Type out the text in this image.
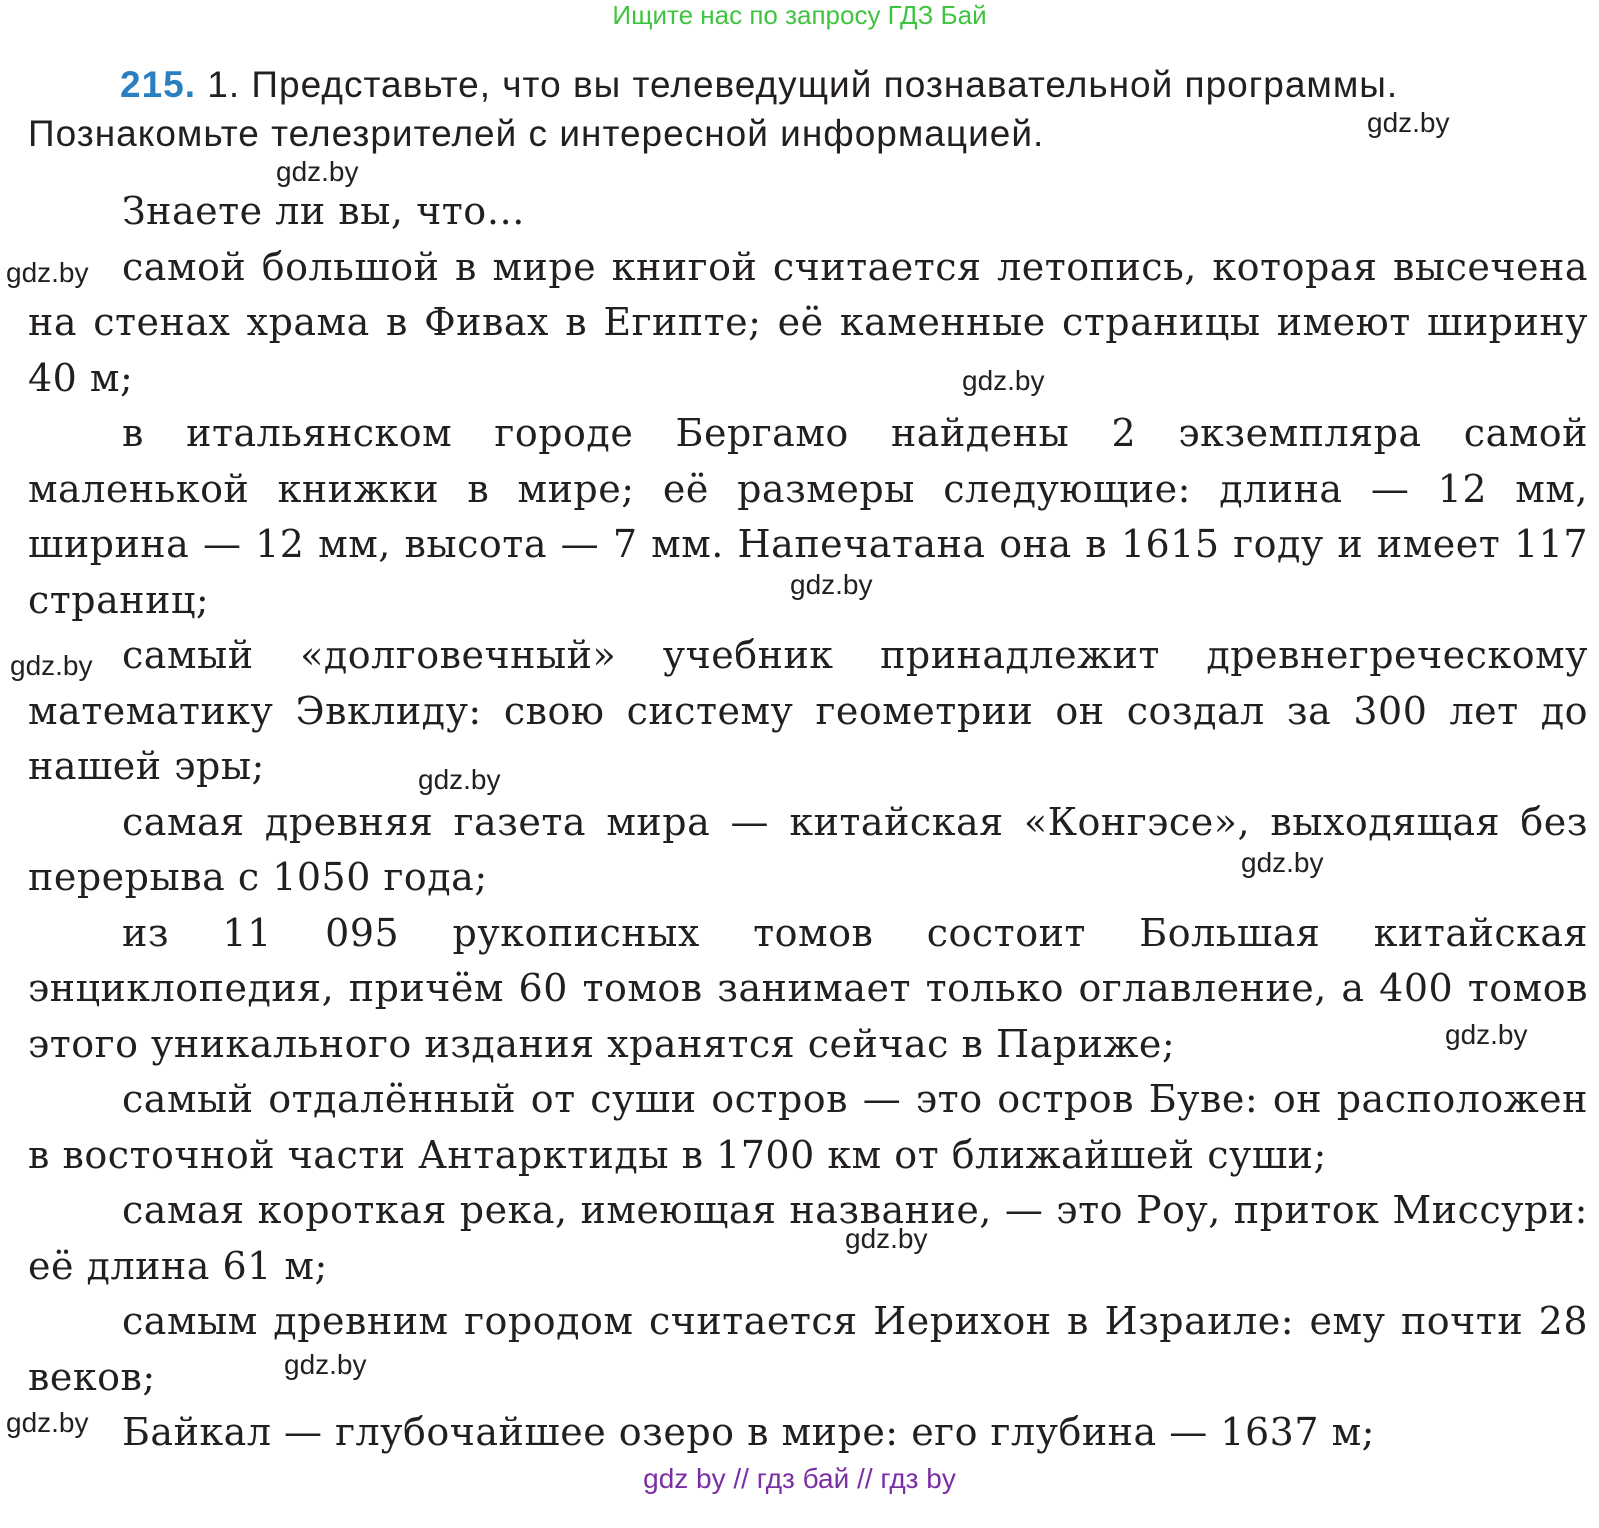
Ищите нас по запросу ГДЗ Бай
215. 1. Представьте, что вы телеведущий познавательной программы. Познакомьте телезрителей с интересной информацией.

Знаете ли вы, что…

самой большой в мире книгой считается летопись, которая высечена на стенах храма в Фивах в Египте; её каменные страницы имеют ширину 40 м;

в итальянском городе Бергамо найдены 2 экземпляра самой маленькой книжки в мире; её размеры следующие: длина — 12 мм, ширина — 12 мм, высота — 7 мм. Напечатана она в 1615 году и имеет 117 страниц;

самый «долговечный» учебник принадлежит древнегреческому математику Эвклиду: свою систему геометрии он создал за 300 лет до нашей эры;

самая древняя газета мира — китайская «Конгэсе», выходящая без перерыва с 1050 года;

из 11 095 рукописных томов состоит Большая китайская энциклопедия, причём 60 томов занимает только оглавление, а 400 томов этого уникального издания хранятся сейчас в Париже;

самый отдалённый от суши остров — это остров Буве: он расположен в восточной части Антарктиды в 1700 км от ближайшей суши;

самая короткая река, имеющая название, — это Роу, приток Миссури: её длина 61 м;

самым древним городом считается Иерихон в Израиле: ему почти 28 веков;

Байкал — глубочайшее озеро в мире: его глубина — 1637 м;

gdz.by
gdz.by
gdz.by
gdz.by
gdz.by
gdz.by
gdz.by
gdz.by
gdz.by
gdz.by
gdz.by
gdz.by
gdz by // гдз бай // гдз by
